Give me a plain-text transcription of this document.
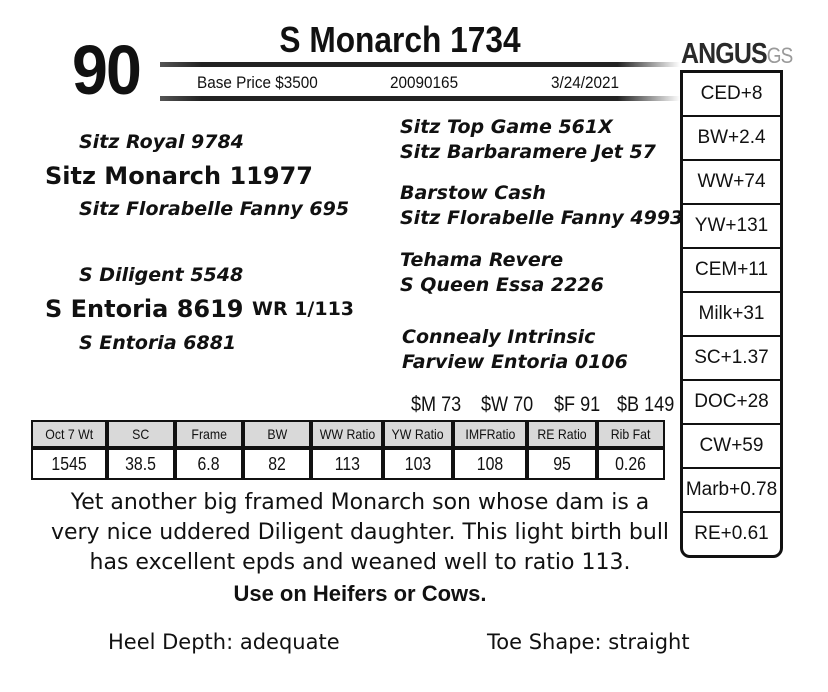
90	S Monarch 1734
Base Price $3500	20090165	3/24/2021
ANGUSGS
CED+8
BW+2.4
WW+74
YW+131
CEM+11
Milk+31
SC+1.37
DOC+28
CW+59
Marb+0.78
RE+0.61
Sitz Royal 9784
Sitz Monarch 11977
Sitz Florabelle Fanny 695
S Diligent 5548
S Entoria 8619 WR 1/113
S Entoria 6881
Sitz Top Game 561X
Sitz Barbaramere Jet 57
Barstow Cash
Sitz Florabelle Fanny 4993
Tehama Revere
S Queen Essa 2226
Connealy Intrinsic
Farview Entoria 0106
$M 73 $W 70 $F 91 $B 149
Oct 7 Wt	SC	Frame	BW	WW Ratio	YW Ratio	IMFRatio	RE Ratio	Rib Fat
1545	38.5	6.8	82	113	103	108	95	0.26
Yet another big framed Monarch son whose dam is a
very nice uddered Diligent daughter. This light birth bull
has excellent epds and weaned well to ratio 113.
Use on Heifers or Cows.
Heel Depth: adequate	Toe Shape: straight
